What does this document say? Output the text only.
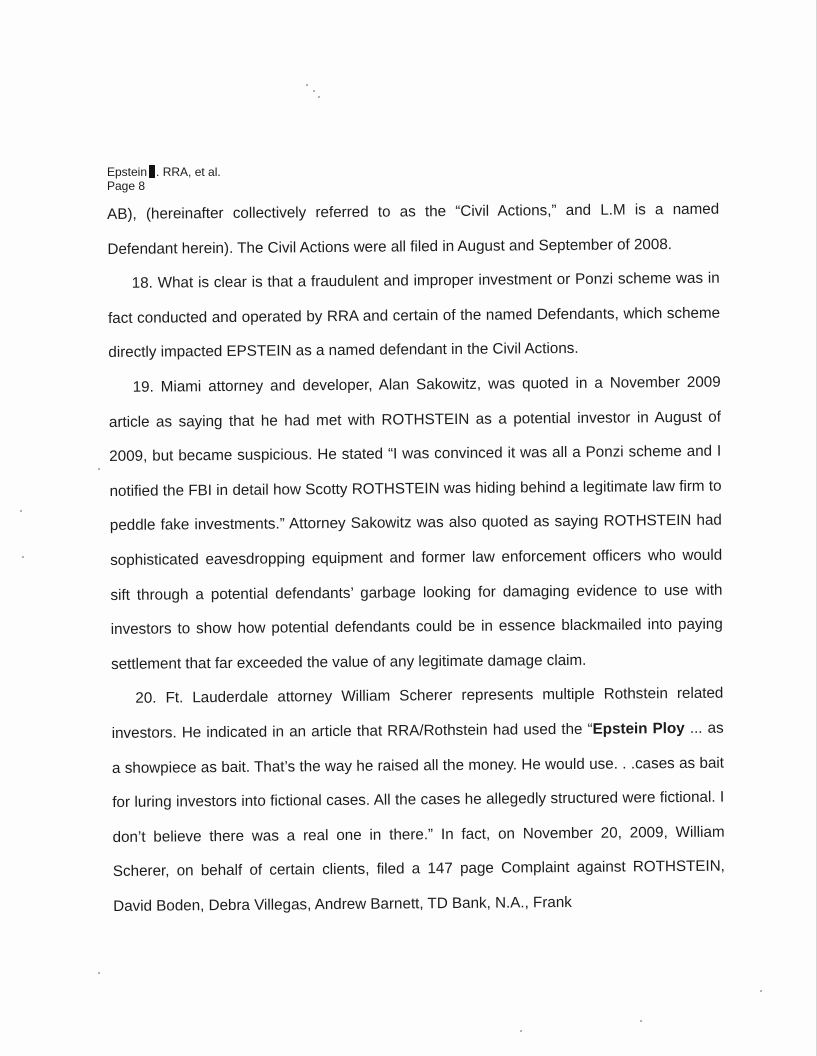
Epstein . RRA, et al.
Page 8

AB), (hereinafter collectively referred to as the “Civil Actions,” and L.M is a named Defendant herein). The Civil Actions were all filed in August and September of 2008.

18. What is clear is that a fraudulent and improper investment or Ponzi scheme was in fact conducted and operated by RRA and certain of the named Defendants, which scheme directly impacted EPSTEIN as a named defendant in the Civil Actions.

19. Miami attorney and developer, Alan Sakowitz, was quoted in a November 2009 article as saying that he had met with ROTHSTEIN as a potential investor in August of 2009, but became suspicious. He stated “I was convinced it was all a Ponzi scheme and I notified the FBI in detail how Scotty ROTHSTEIN was hiding behind a legitimate law firm to peddle fake investments.” Attorney Sakowitz was also quoted as saying ROTHSTEIN had sophisticated eavesdropping equipment and former law enforcement officers who would sift through a potential defendants’ garbage looking for damaging evidence to use with investors to show how potential defendants could be in essence blackmailed into paying settlement that far exceeded the value of any legitimate damage claim.

20. Ft. Lauderdale attorney William Scherer represents multiple Rothstein related investors. He indicated in an article that RRA/Rothstein had used the “Epstein Ploy ... as a showpiece as bait. That’s the way he raised all the money. He would use. . .cases as bait for luring investors into fictional cases. All the cases he allegedly structured were fictional. I don’t believe there was a real one in there.” In fact, on November 20, 2009, William Scherer, on behalf of certain clients, filed a 147 page Complaint against ROTHSTEIN, David Boden, Debra Villegas, Andrew Barnett, TD Bank, N.A., Frank
